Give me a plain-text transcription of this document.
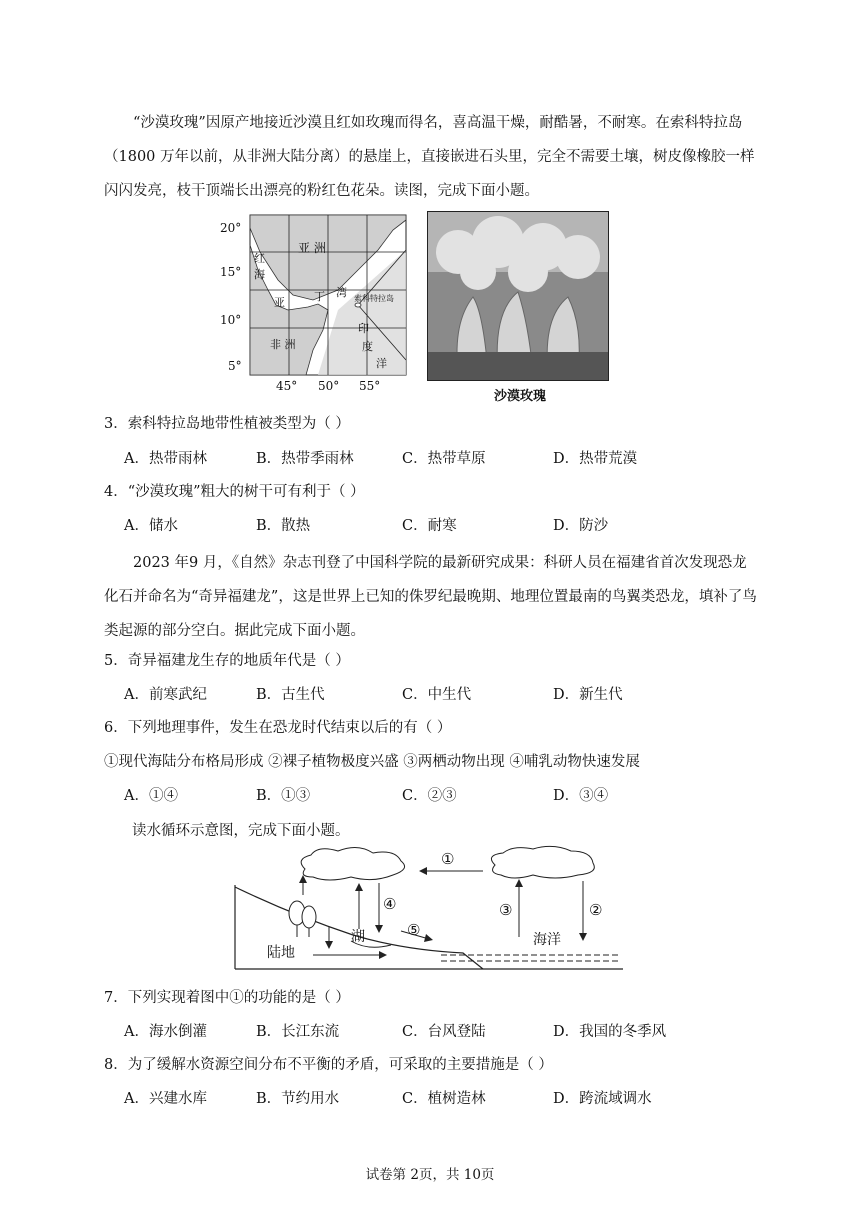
“沙漠玫瑰”因原产地接近沙漠且红如玫瑰而得名，喜高温干燥，耐酷暑，不耐寒。在索科特拉岛（1800 万年以前，从非洲大陆分离）的悬崖上，直接嵌进石头里，完全不需要土壤，树皮像橡胶一样闪闪发亮，枝干顶端长出漂亮的粉红色花朵。读图，完成下面小题。
20°
15°
10°
5°
45° 50° 55°
亚 洲
红
海
亚	丁 湾 索科特拉岛
非 洲
印
度
洋
沙漠玫瑰
3．索科特拉岛地带性植被类型为（ ）
A．热带雨林	B．热带季雨林	C．热带草原	D．热带荒漠
4．“沙漠玫瑰”粗大的树干可有利于（ ）
A．储水	B．散热	C．耐寒	D．防沙
2023 年9 月，《自然》杂志刊登了中国科学院的最新研究成果：科研人员在福建省首次发现恐龙化石并命名为“奇异福建龙”，这是世界上已知的侏罗纪最晚期、地理位置最南的鸟翼类恐龙，填补了鸟类起源的部分空白。据此完成下面小题。
5．奇异福建龙生存的地质年代是（ ）
A．前寒武纪	B．古生代	C．中生代	D．新生代
6．下列地理事件，发生在恐龙时代结束以后的有（ ）
①现代海陆分布格局形成 ②裸子植物极度兴盛 ③两栖动物出现 ④哺乳动物快速发展
A．①④	B．①③	C．②③	D．③④
读水循环示意图，完成下面小题。
①
②
③
④
⑤
陆地
湖	海洋
7．下列实现着图中①的功能的是（ ）
A．海水倒灌	B．长江东流	C．台风登陆	D．我国的冬季风
8．为了缓解水资源空间分布不平衡的矛盾，可采取的主要措施是（ ）
A．兴建水库	B．节约用水	C．植树造林	D．跨流域调水
试卷第 2页，共 10页
